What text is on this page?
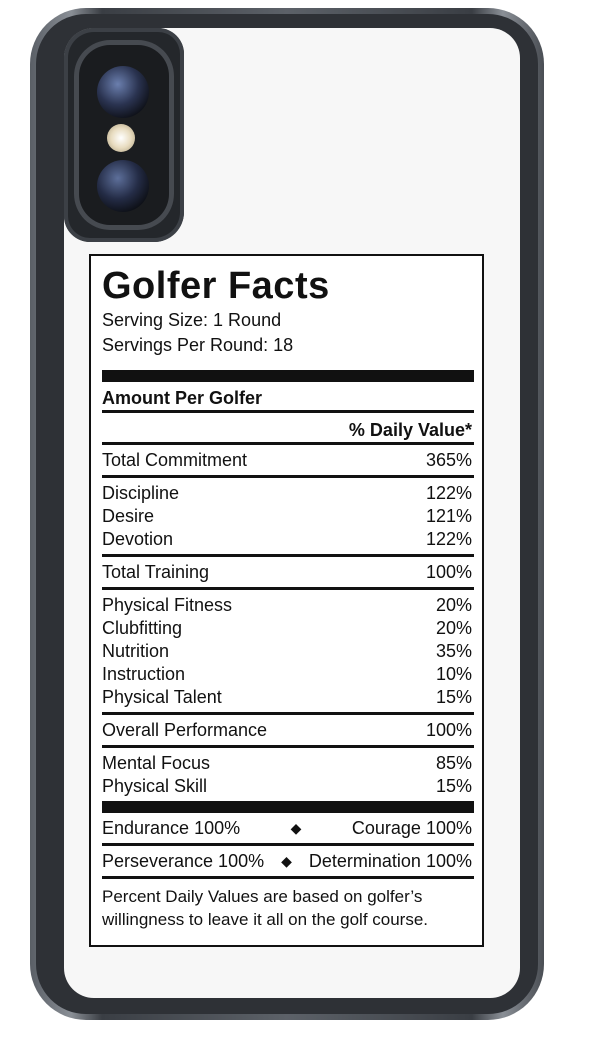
Golfer Facts
Serving Size: 1 Round
Servings Per Round: 18
Amount Per Golfer
% Daily Value*
Total Commitment	365%
Discipline	122%
Desire	121%
Devotion	122%
Total Training	100%
Physical Fitness	20%
Clubfitting	20%
Nutrition	35%
Instruction	10%
Physical Talent	15%
Overall Performance	100%
Mental Focus	85%
Physical Skill	15%
Endurance 100%	◆	Courage 100%
Perseverance 100% ◆ Determination 100%
Percent Daily Values are based on golfer’s willingness to leave it all on the golf course.
